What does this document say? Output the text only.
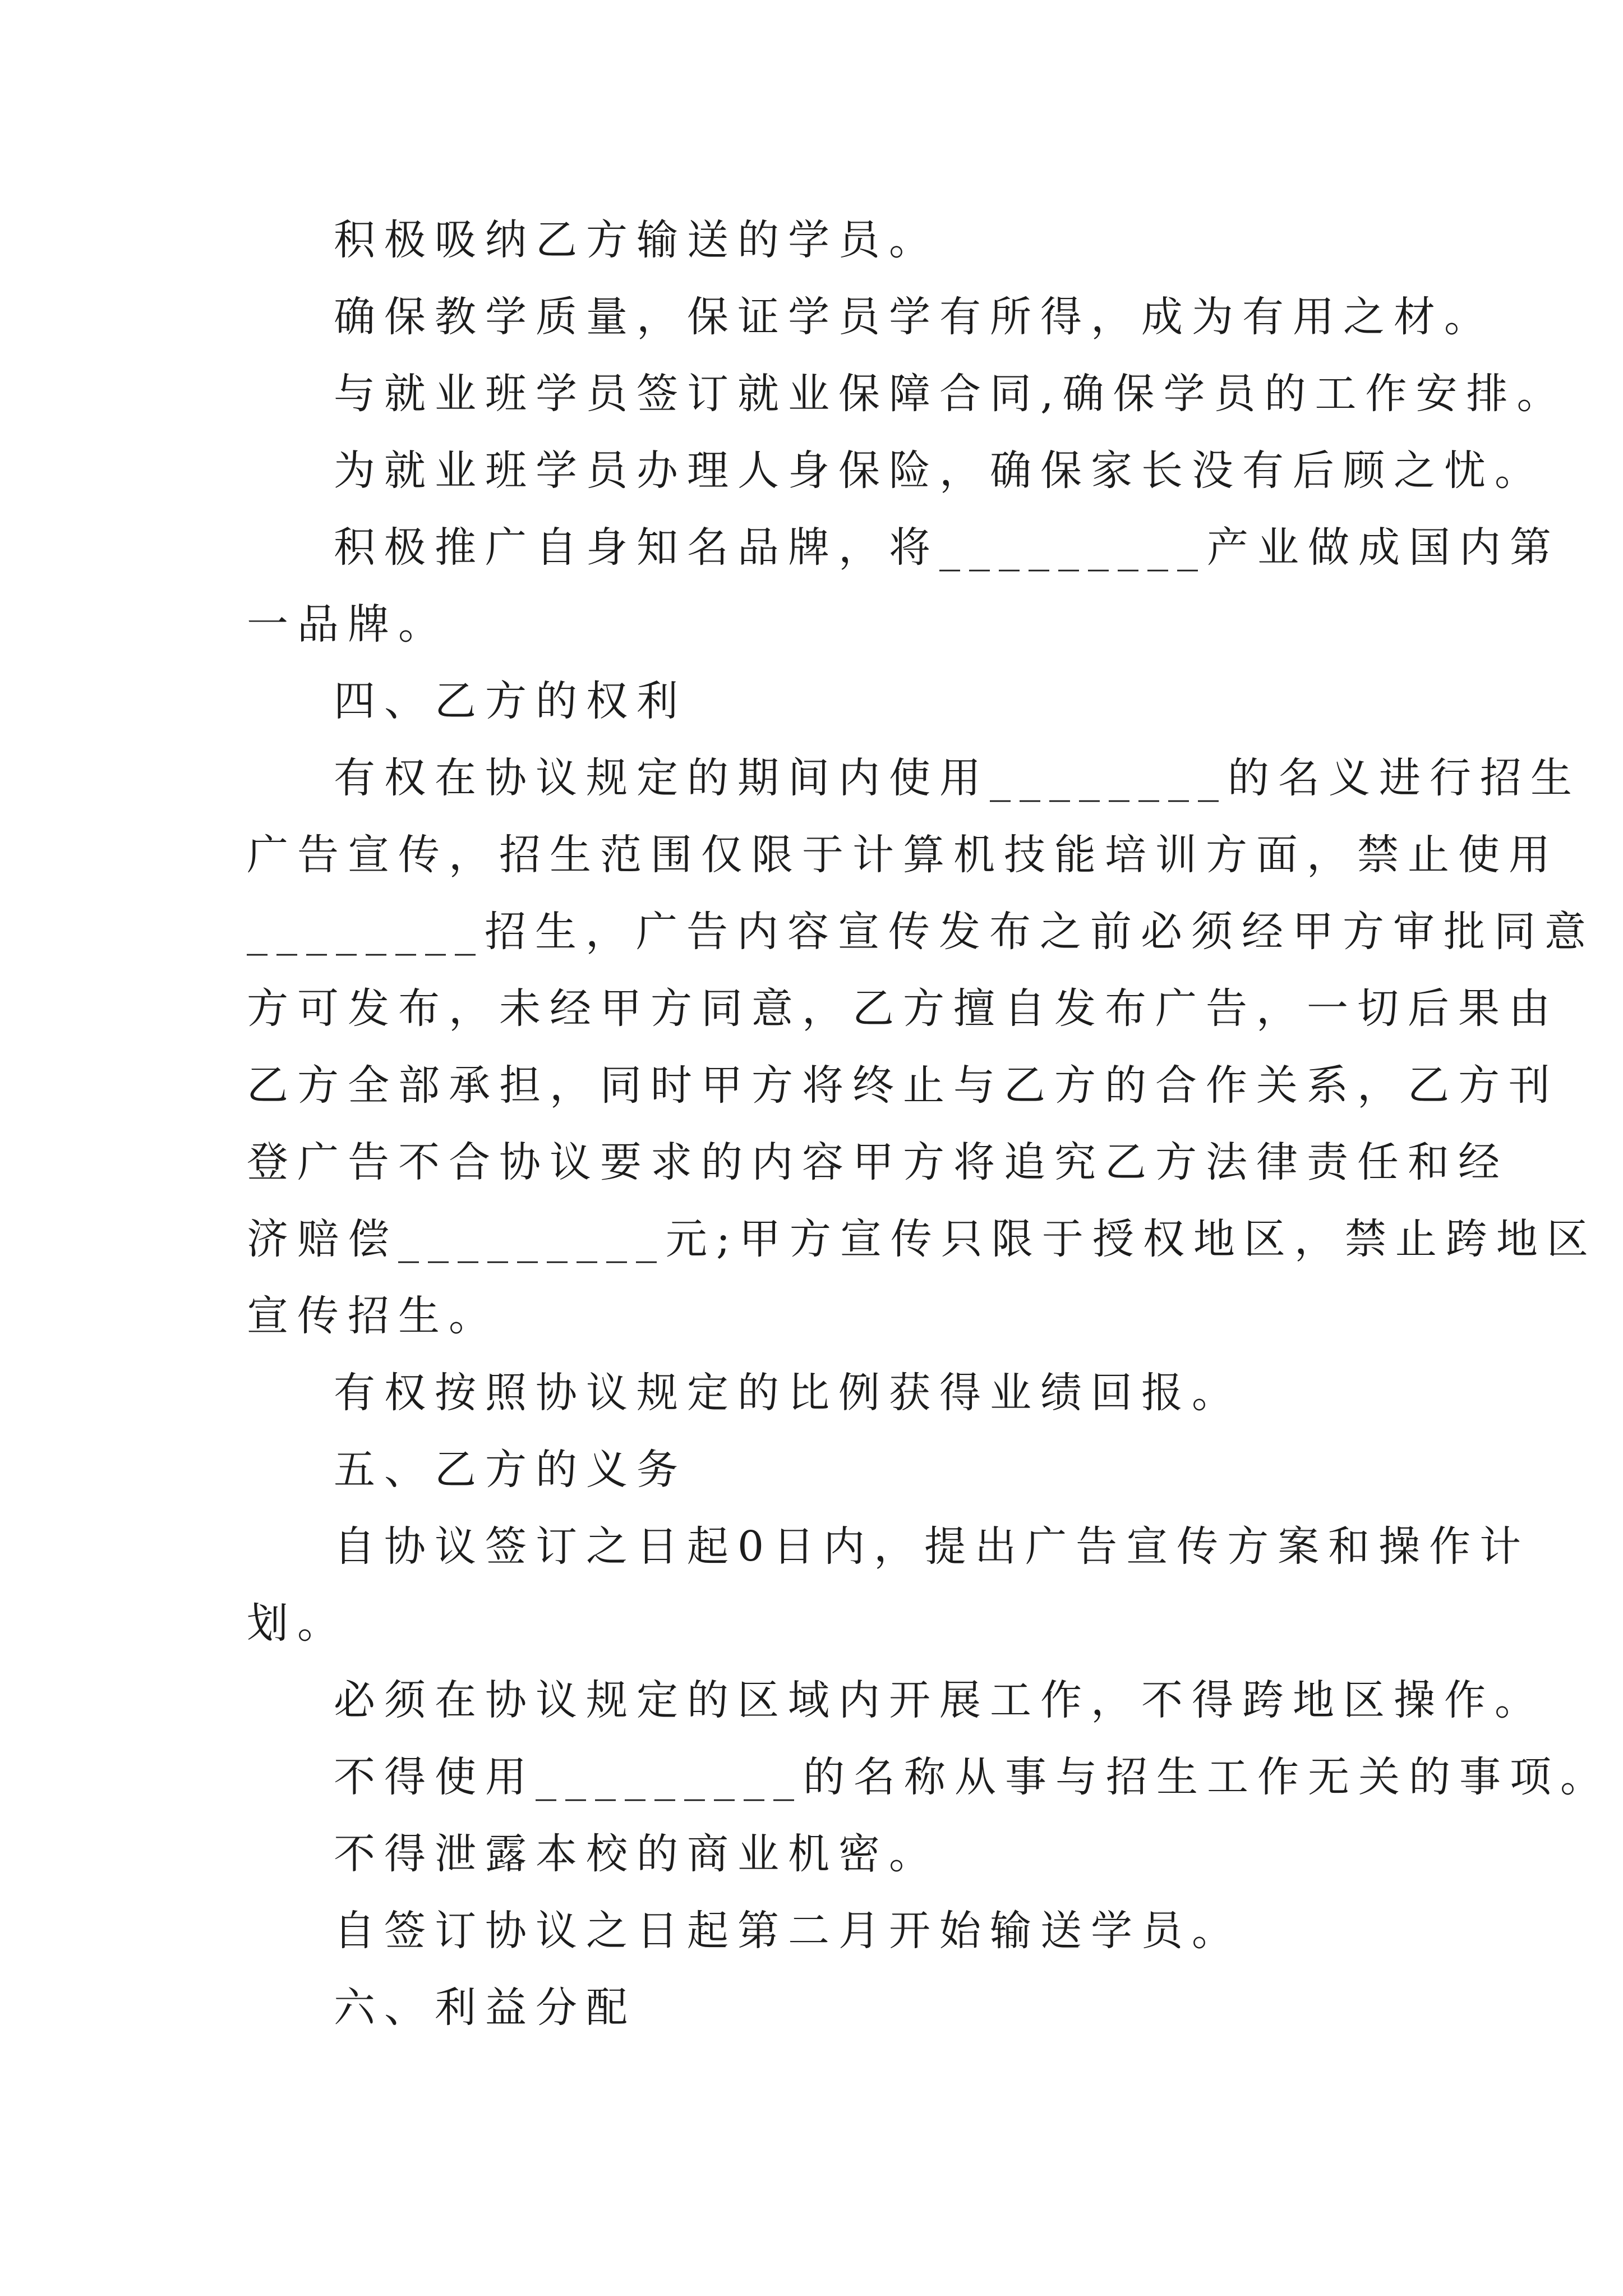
积极吸纳乙方输送的学员。
确保教学质量，保证学员学有所得，成为有用之材。
与就业班学员签订就业保障合同,确保学员的工作安排。
为就业班学员办理人身保险，确保家长没有后顾之忧。
积极推广自身知名品牌，将_________产业做成国内第
一品牌。
四、乙方的权利
有权在协议规定的期间内使用________的名义进行招生
广告宣传，招生范围仅限于计算机技能培训方面，禁止使用
________招生，广告内容宣传发布之前必须经甲方审批同意
方可发布，未经甲方同意，乙方擅自发布广告，一切后果由
乙方全部承担，同时甲方将终止与乙方的合作关系，乙方刊
登广告不合协议要求的内容甲方将追究乙方法律责任和经
济赔偿_________元;甲方宣传只限于授权地区，禁止跨地区
宣传招生。
有权按照协议规定的比例获得业绩回报。
五、乙方的义务
自协议签订之日起0日内，提出广告宣传方案和操作计
划。
必须在协议规定的区域内开展工作，不得跨地区操作。
不得使用_________的名称从事与招生工作无关的事项。
不得泄露本校的商业机密。
自签订协议之日起第二月开始输送学员。
六、利益分配
